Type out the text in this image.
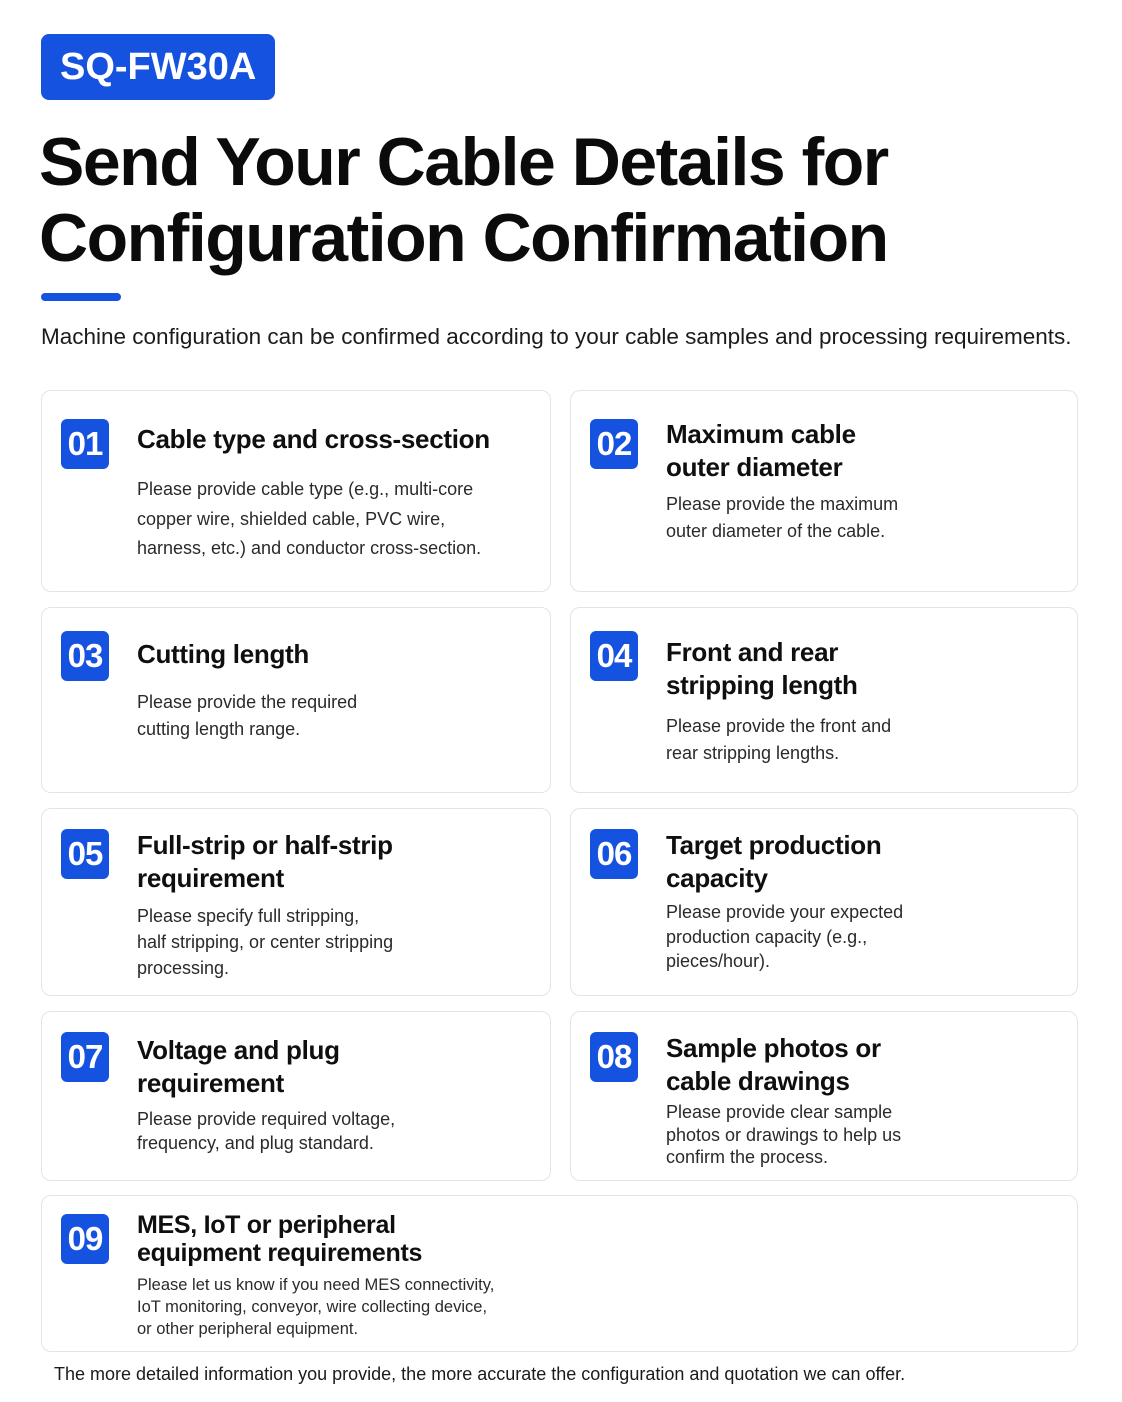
SQ-FW30A
Send Your Cable Details for
Configuration Confirmation

Machine configuration can be confirmed according to your cable samples and processing requirements.

01 Cable type and cross-section

Please provide cable type (e.g., multi-core
copper wire, shielded cable, PVC wire,
harness, etc.) and conductor cross-section.

02 Maximum cable
outer diameter

Please provide the maximum
outer diameter of the cable.

03 Cutting length

Please provide the required
cutting length range.

04 Front and rear
stripping length

Please provide the front and
rear stripping lengths.

05 Full-strip or half-strip
requirement

Please specify full stripping,
half stripping, or center stripping
processing.

06 Target production
capacity

Please provide your expected
production capacity (e.g.,
pieces/hour).

07 Voltage and plug
requirement

Please provide required voltage,
frequency, and plug standard.

08 Sample photos or
cable drawings

Please provide clear sample
photos or drawings to help us
confirm the process.

09 MES, IoT or peripheral
equipment requirements

Please let us know if you need MES connectivity,
IoT monitoring, conveyor, wire collecting device,
or other peripheral equipment.

The more detailed information you provide, the more accurate the configuration and quotation we can offer.
